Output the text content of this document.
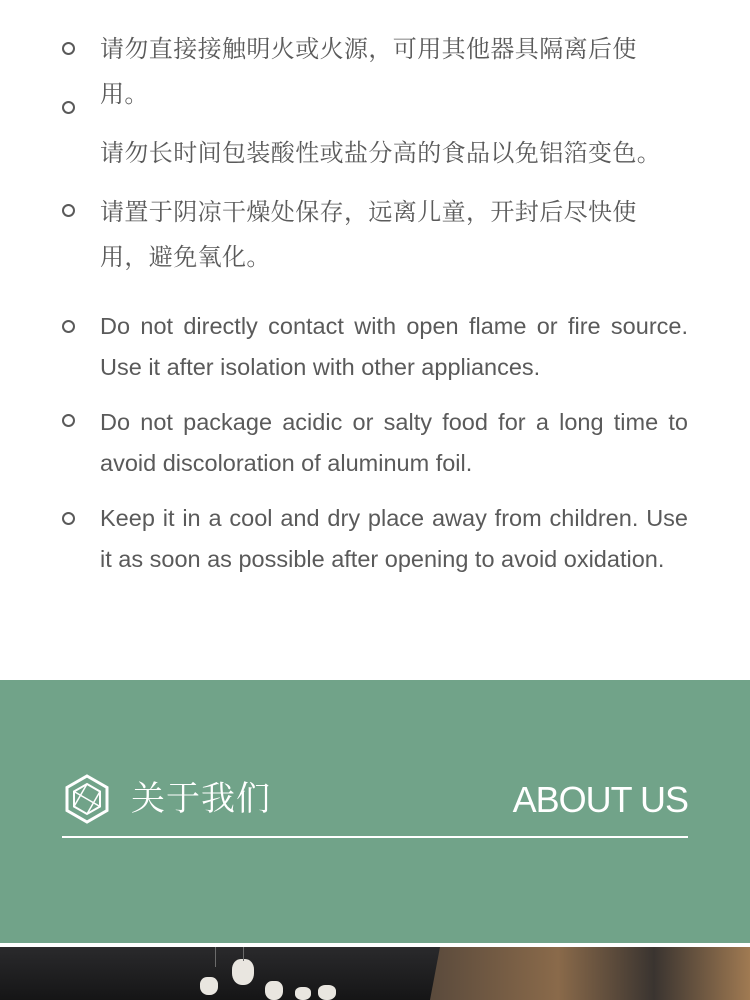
请勿直接接触明火或火源，可用其他器具隔离后使
用。
请勿长时间包装酸性或盐分高的食品以免铝箔变色。
请置于阴凉干燥处保存，远离儿童，开封后尽快使
用，避免氧化。
Do not directly contact with open flame or fire source. Use it after isolation with other appliances.
Do not package acidic or salty food for a long time to avoid discoloration of aluminum foil.
Keep it in a cool and dry place away from children. Use it as soon as possible after opening to avoid oxidation.
关于我们	ABOUT US
